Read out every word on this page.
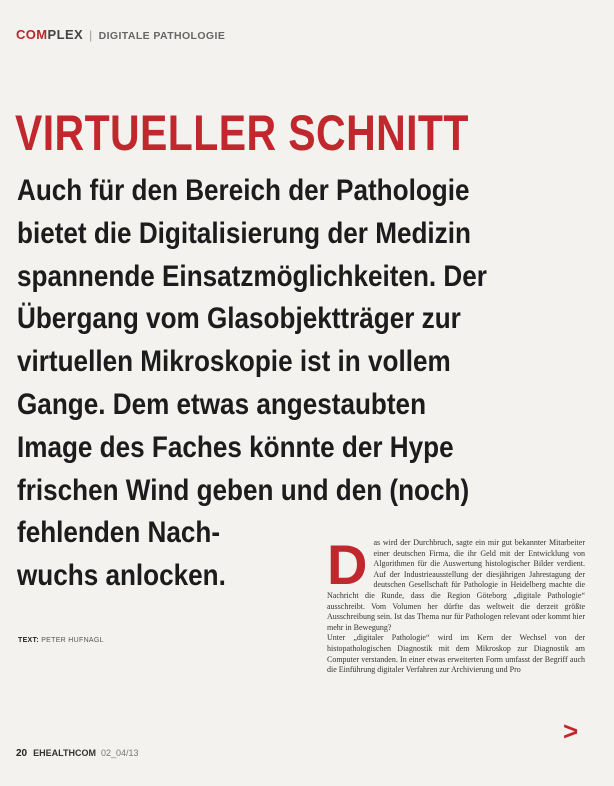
COMPLEX | DIGITALE PATHOLOGIE
VIRTUELLER SCHNITT
Auch für den Bereich der Pathologie
bietet die Digitalisierung der Medizin
spannende Einsatzmöglichkeiten. Der
Übergang vom Glasobjektträger zur
virtuellen Mikroskopie ist in vollem
Gange. Dem etwas angestaubten
Image des Faches könnte der Hype
frischen Wind geben und den (noch)
fehlenden Nach-
wuchs anlocken.
TEXT: PETER HUFNAGL

Das wird der Durchbruch, sagte ein mir gut bekannter Mitarbeiter einer deutschen Firma, die ihr Geld mit der Entwicklung von Algorithmen für die Auswertung histologischer Bilder verdient. Auf der Industrieausstellung der diesjährigen Jahrestagung der deutschen Gesellschaft für Pathologie in Heidelberg machte die Nachricht die Runde, dass die Region Göteborg „digitale Pathologie“ ausschreibt. Vom Volumen her dürfte das weltweit die derzeit größte Ausschreibung sein. Ist das Thema nur für Pathologen relevant oder kommt hier mehr in Bewegung?

Unter „digitaler Pathologie“ wird im Kern der Wechsel von der histopathologischen Diagnostik mit dem Mikroskop zur Diagnostik am Computer verstanden. In einer etwas erweiterten Form umfasst der Begriff auch die Einführung digitaler Verfahren zur Archivierung und Pro

>
20 EHEALTHCOM 02_04/13
